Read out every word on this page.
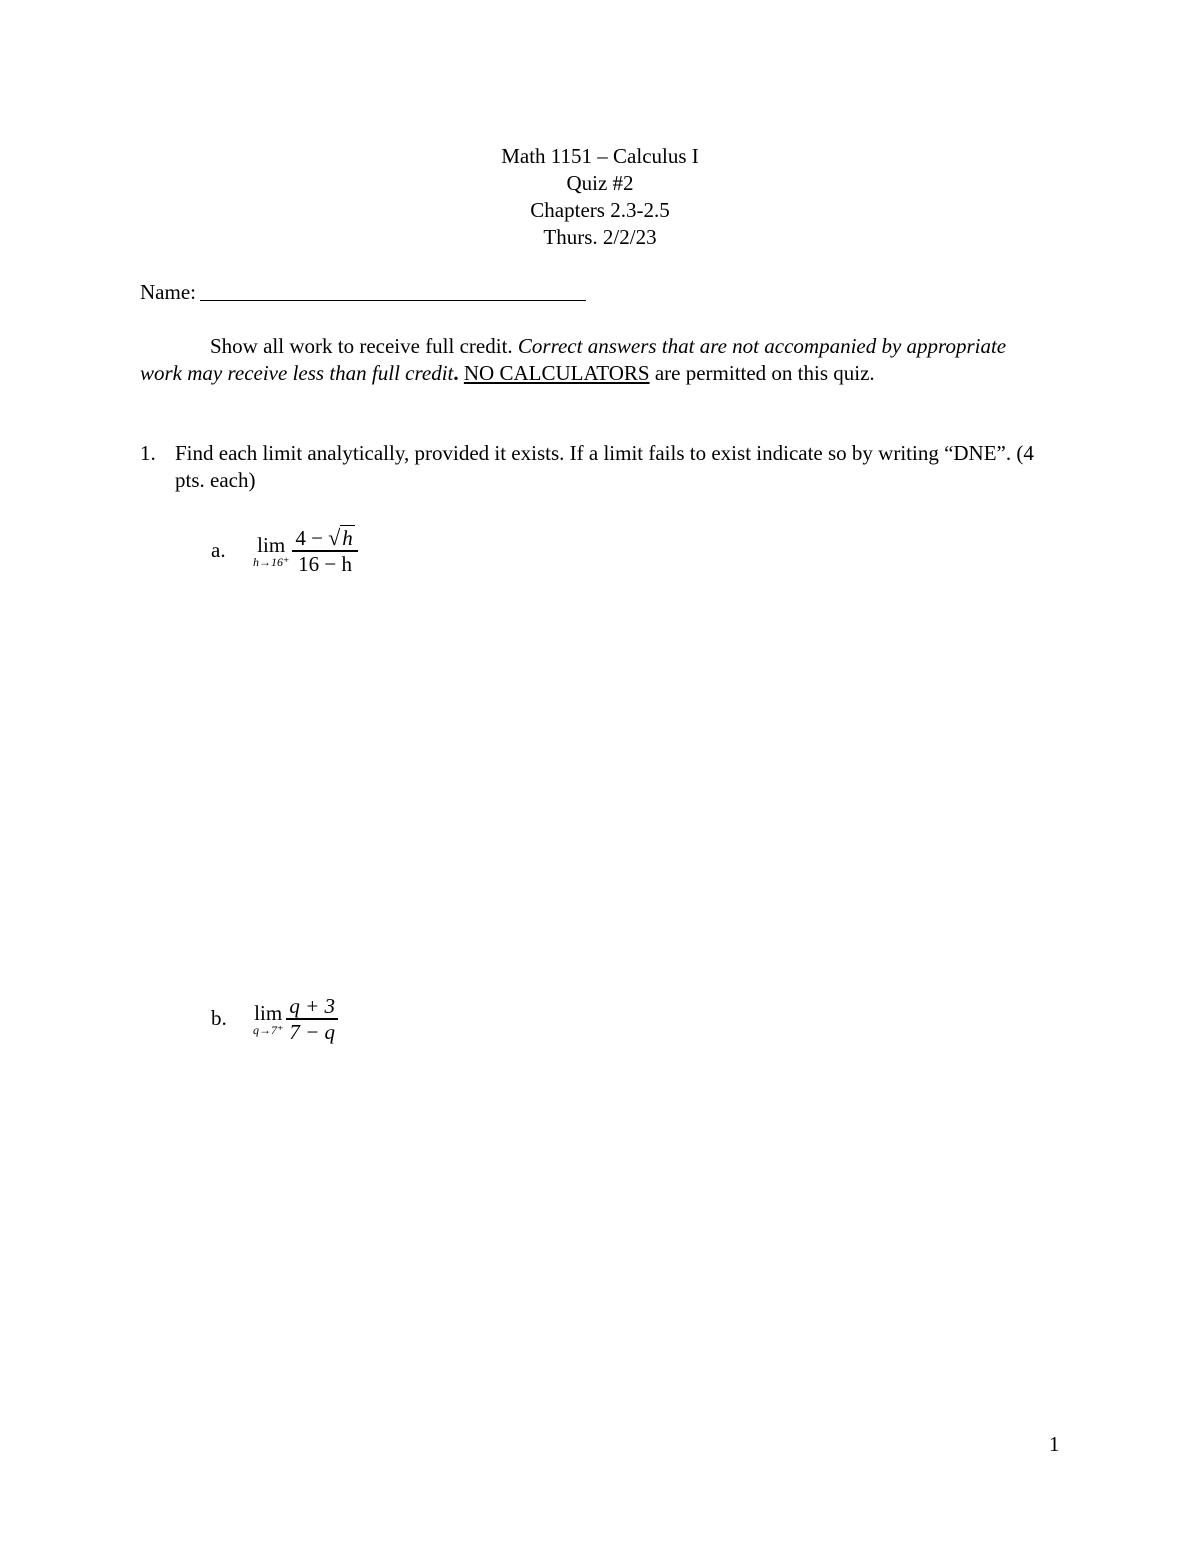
Math 1151 – Calculus I
Quiz #2
Chapters 2.3-2.5
Thurs. 2/2/23
Name:
Show all work to receive full credit. Correct answers that are not accompanied by appropriate work may receive less than full credit. NO CALCULATORS are permitted on this quiz.
1. Find each limit analytically, provided it exists. If a limit fails to exist indicate so by writing “DNE”. (4 pts. each)
a.	lim
$h\to 16^+ \frac{4 - √h}{16 - h}$
b.	lim
$q\to 7^+ \frac{q + 3}{7 - q}$
1
